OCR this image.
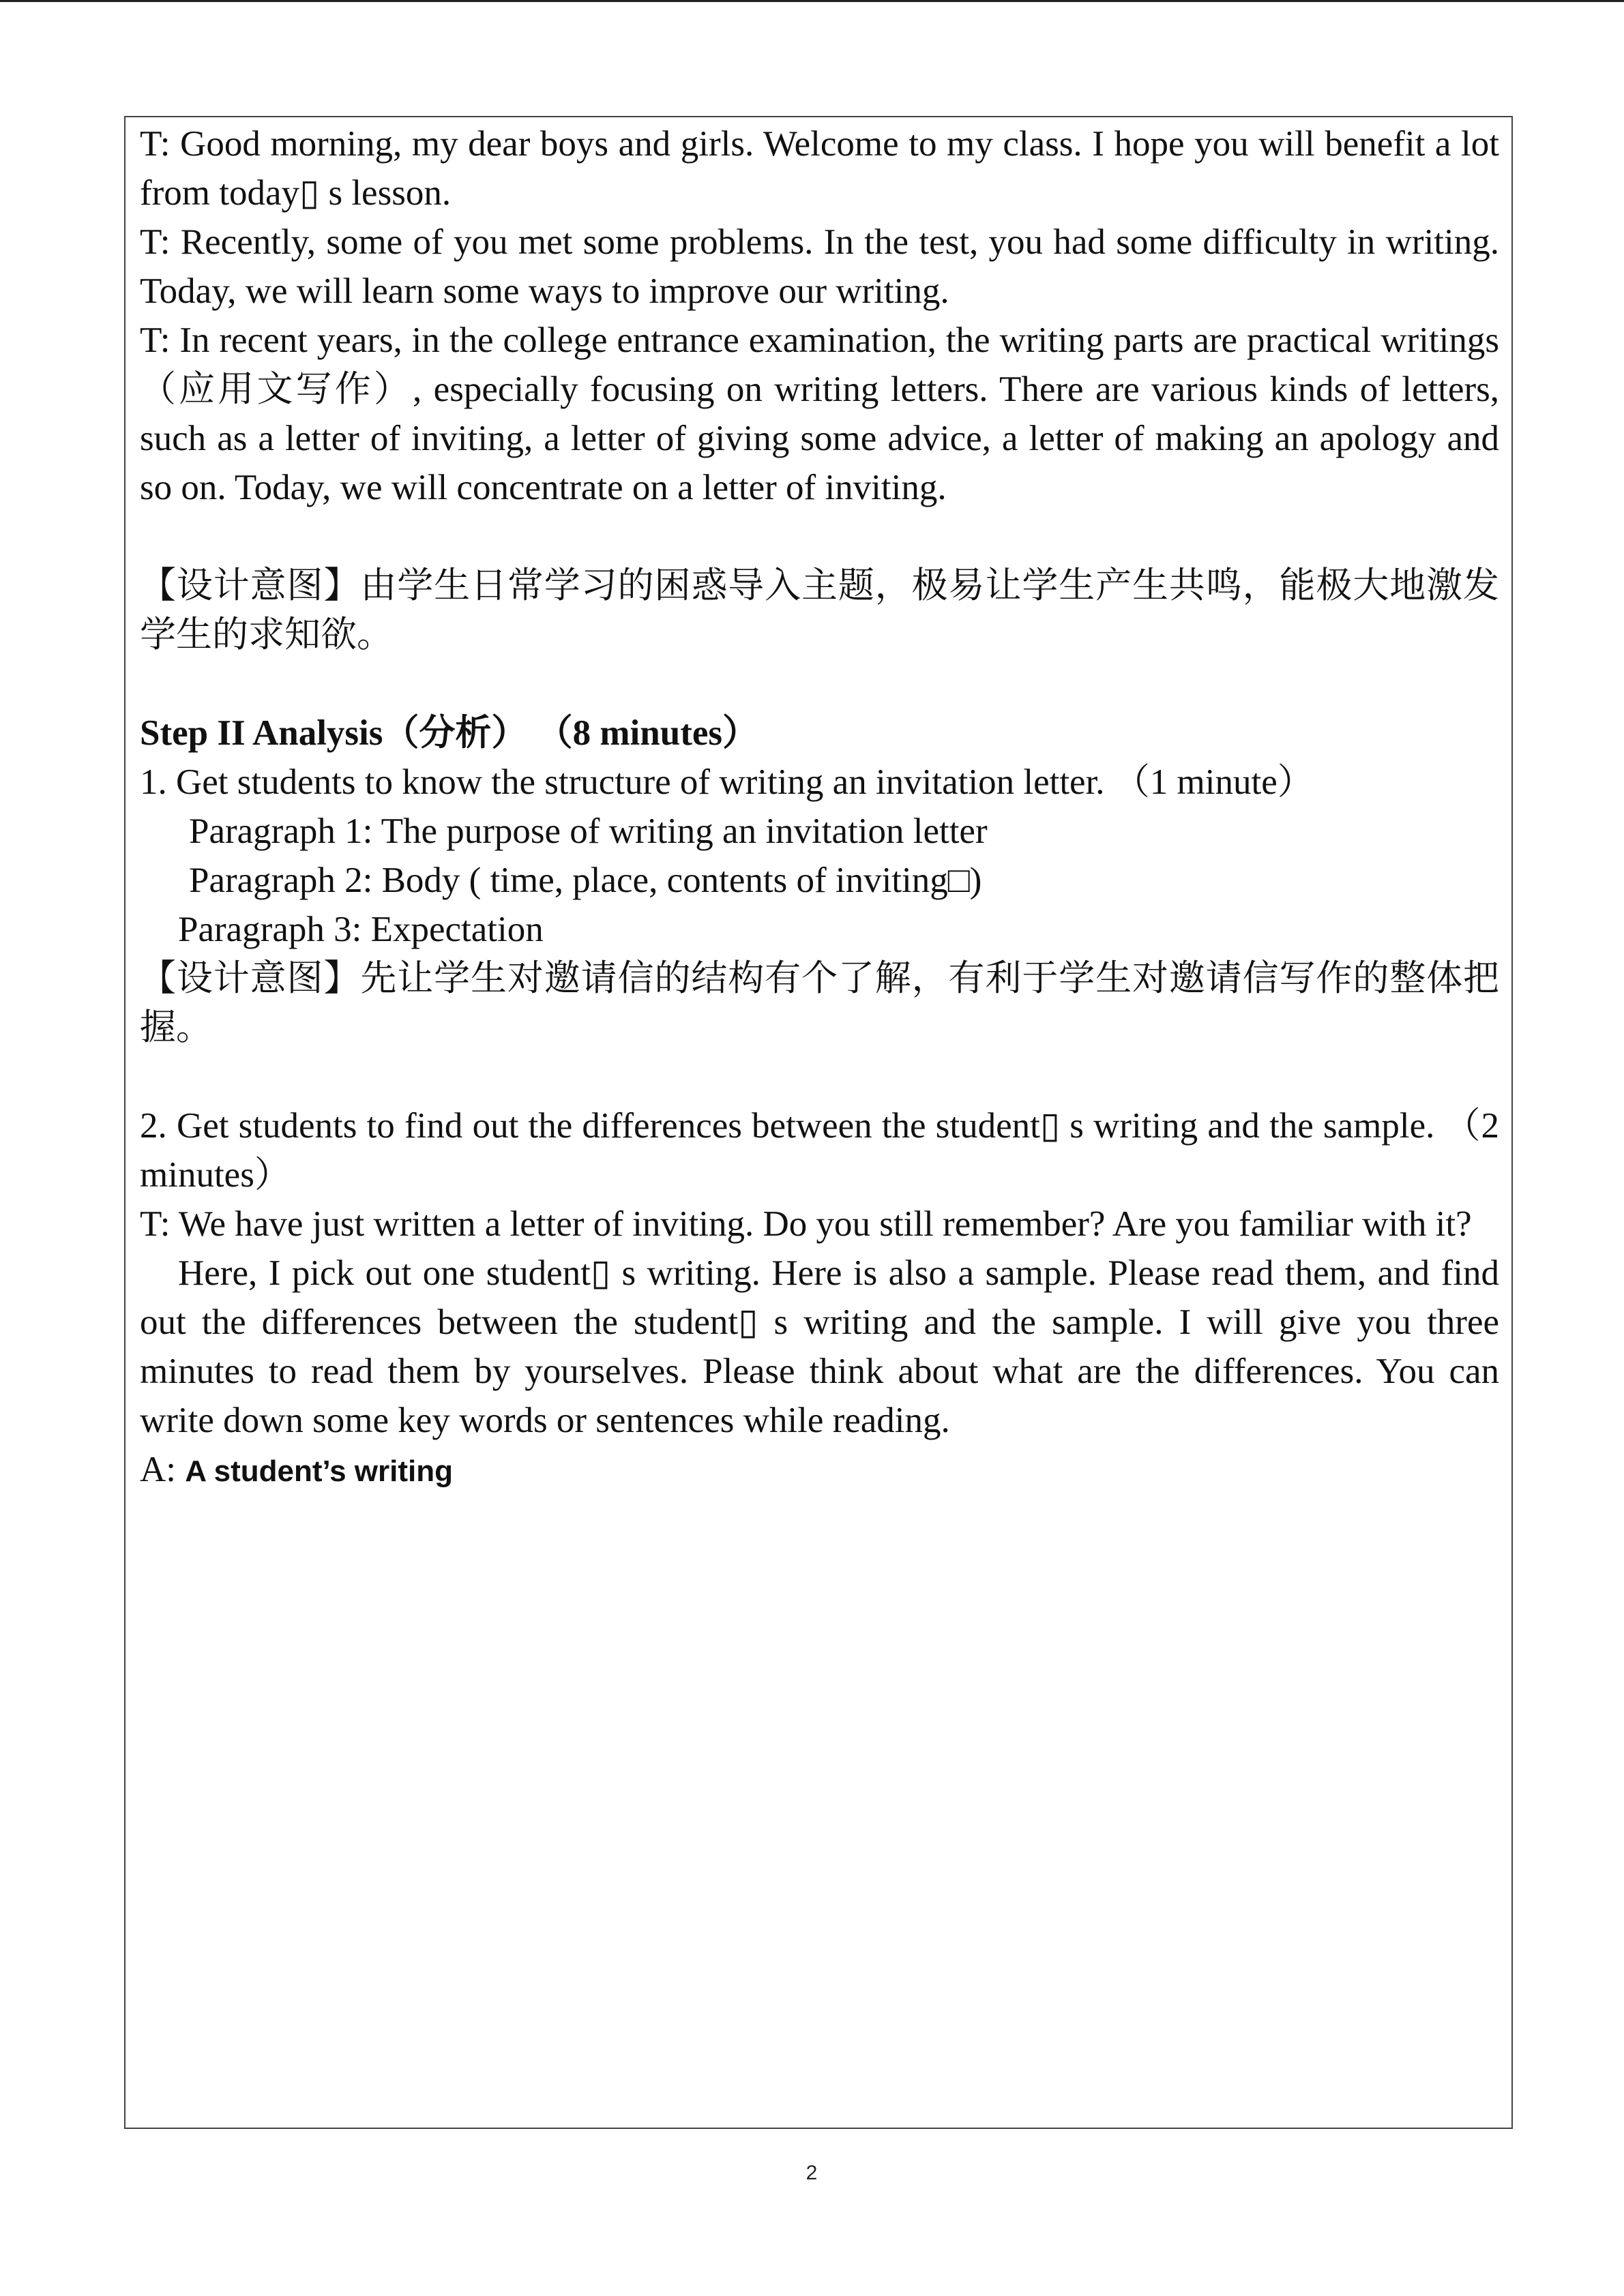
T: Good morning, my dear boys and girls. Welcome to my class. I hope you will benefit a lot from today▯ s lesson.

T: Recently, some of you met some problems. In the test, you had some difficulty in writing. Today, we will learn some ways to improve our writing.

T: In recent years, in the college entrance examination, the writing parts are practical writings （应用文写作）, especially focusing on writing letters. There are various kinds of letters, such as a letter of inviting, a letter of giving some advice, a letter of making an apology and so on. Today, we will concentrate on a letter of inviting.

【设计意图】由学生日常学习的困惑导入主题，极易让学生产生共鸣，能极大地激发学生的求知欲。

Step II Analysis（分析） （8 minutes）

1. Get students to know the structure of writing an invitation letter. （1 minute）

Paragraph 1: The purpose of writing an invitation letter

Paragraph 2: Body ( time, place, contents of inviting□)

Paragraph 3: Expectation

【设计意图】先让学生对邀请信的结构有个了解，有利于学生对邀请信写作的整体把握。

2. Get students to find out the differences between the student▯ s writing and the sample. （2 minutes）

T: We have just written a letter of inviting. Do you still remember? Are you familiar with it?

Here, I pick out one student▯ s writing. Here is also a sample. Please read them, and find out the differences between the student▯ s writing and the sample. I will give you three minutes to read them by yourselves. Please think about what are the differences. You can write down some key words or sentences while reading.

A: A student’s writing

2
